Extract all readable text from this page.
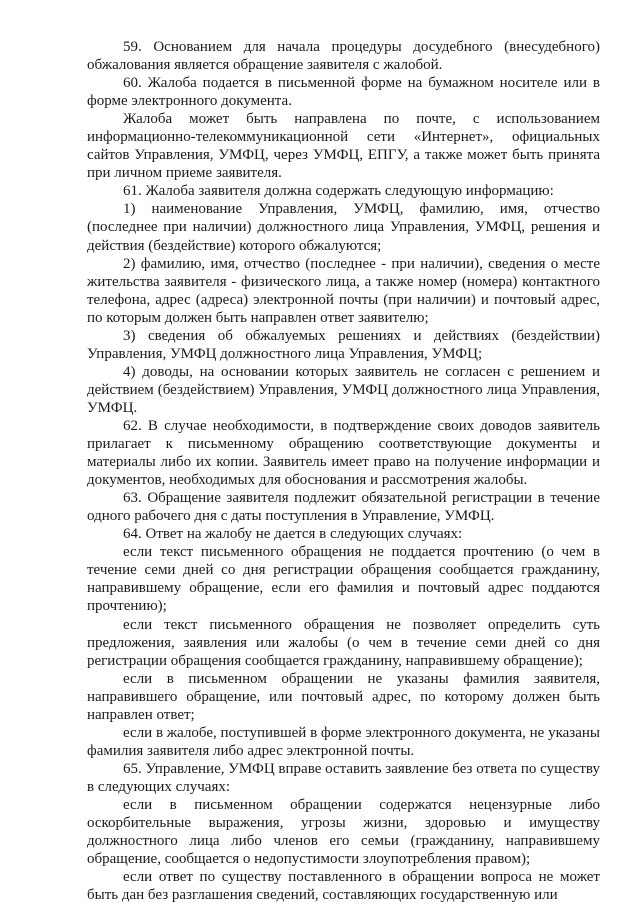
59. Основанием для начала процедуры досудебного (внесудебного) обжалования является обращение заявителя с жалобой.

60. Жалоба подается в письменной форме на бумажном носителе или в форме электронного документа.

Жалоба может быть направлена по почте, с использованием информационно-телекоммуникационной сети «Интернет», официальных сайтов Управления, УМФЦ, через УМФЦ, ЕПГУ, а также может быть принята при личном приеме заявителя.

61. Жалоба заявителя должна содержать следующую информацию:

1) наименование Управления, УМФЦ, фамилию, имя, отчество (последнее при наличии) должностного лица Управления, УМФЦ, решения и действия (бездействие) которого обжалуются;

2) фамилию, имя, отчество (последнее - при наличии), сведения о месте жительства заявителя - физического лица, а также номер (номера) контактного телефона, адрес (адреса) электронной почты (при наличии) и почтовый адрес, по которым должен быть направлен ответ заявителю;

3) сведения об обжалуемых решениях и действиях (бездействии) Управления, УМФЦ должностного лица Управления, УМФЦ;

4) доводы, на основании которых заявитель не согласен с решением и действием (бездействием) Управления, УМФЦ должностного лица Управления, УМФЦ.

62. В случае необходимости, в подтверждение своих доводов заявитель прилагает к письменному обращению соответствующие документы и материалы либо их копии. Заявитель имеет право на получение информации и документов, необходимых для обоснования и рассмотрения жалобы.

63. Обращение заявителя подлежит обязательной регистрации в течение одного рабочего дня с даты поступления в Управление, УМФЦ.

64. Ответ на жалобу не дается в следующих случаях:

если текст письменного обращения не поддается прочтению (о чем в течение семи дней со дня регистрации обращения сообщается гражданину, направившему обращение, если его фамилия и почтовый адрес поддаются прочтению);

если текст письменного обращения не позволяет определить суть предложения, заявления или жалобы (о чем в течение семи дней со дня регистрации обращения сообщается гражданину, направившему обращение);

если в письменном обращении не указаны фамилия заявителя, направившего обращение, или почтовый адрес, по которому должен быть направлен ответ;

если в жалобе, поступившей в форме электронного документа, не указаны фамилия заявителя либо адрес электронной почты.

65. Управление, УМФЦ вправе оставить заявление без ответа по существу в следующих случаях:

если в письменном обращении содержатся нецензурные либо оскорбительные выражения, угрозы жизни, здоровью и имуществу должностного лица либо членов его семьи (гражданину, направившему обращение, сообщается о недопустимости злоупотребления правом);

если ответ по существу поставленного в обращении вопроса не может быть дан без разглашения сведений, составляющих государственную или
